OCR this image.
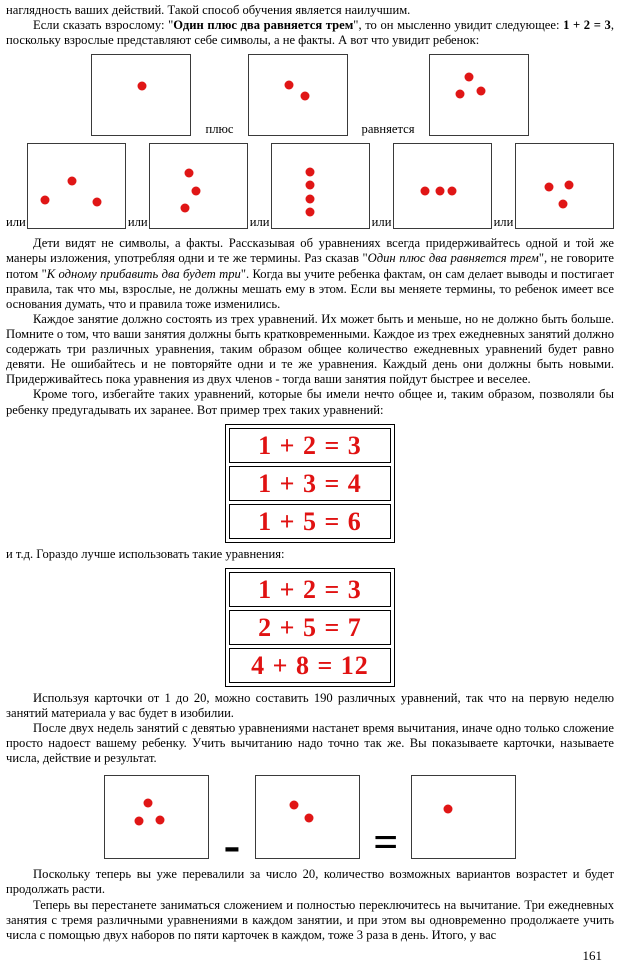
наглядность ваших действий. Такой способ обучения является наилучшим.

Если сказать взрослому: "Один плюс два равняется трем", то он мысленно увидит следующее: 1 + 2 = 3, поскольку взрослые представляют себе символы, а не факты. А вот что увидит ребенок:

плюс	равняется
или	или	или	или	или

Дети видят не символы, а факты. Рассказывая об уравнениях всегда придерживайтесь одной и той же манеры изложения, употребляя одни и те же термины. Раз сказав "Один плюс два равняется трем", не говорите потом "К одному прибавить два будет три". Когда вы учите ребенка фактам, он сам делает выводы и постигает правила, так что мы, взрослые, не должны мешать ему в этом. Если вы меняете термины, то ребенок имеет все основания думать, что и правила тоже изменились.

Каждое занятие должно состоять из трех уравнений. Их может быть и меньше, но не должно быть больше. Помните о том, что ваши занятия должны быть кратковременными. Каждое из трех ежедневных занятий должно содержать три различных уравнения, таким образом общее количество ежедневных уравнений будет равно девяти. Не ошибайтесь и не повторяйте одни и те же уравнения. Каждый день они должны быть новыми. Придерживайтесь пока уравнения из двух членов - тогда ваши занятия пойдут быстрее и веселее.

Кроме того, избегайте таких уравнений, которые бы имели нечто общее и, таким образом, позволяли бы ребенку предугадывать их заранее. Вот пример трех таких уравнений:

1 + 2 = 3
1 + 3 = 4
1 + 5 = 6

и т.д. Гораздо лучше использовать такие уравнения:

1 + 2 = 3
2 + 5 = 7
4 + 8 = 12

Используя карточки от 1 до 20, можно составить 190 различных уравнений, так что на первую неделю занятий материала у вас будет в изобилии.

После двух недель занятий с девятью уравнениями настанет время вычитания, иначе одно только сложение просто надоест вашему ребенку. Учить вычитанию надо точно так же. Вы показываете карточки, называете числа, действие и результат.

-	=

Поскольку теперь вы уже перевалили за число 20, количество возможных вариантов возрастет и будет продолжать расти.

Теперь вы перестанете заниматься сложением и полностью переключитесь на вычитание. Три ежедневных занятия с тремя различными уравнениями в каждом занятии, и при этом вы одновременно продолжаете учить числа с помощью двух наборов по пяти карточек в каждом, тоже 3 раза в день. Итого, у вас

161
